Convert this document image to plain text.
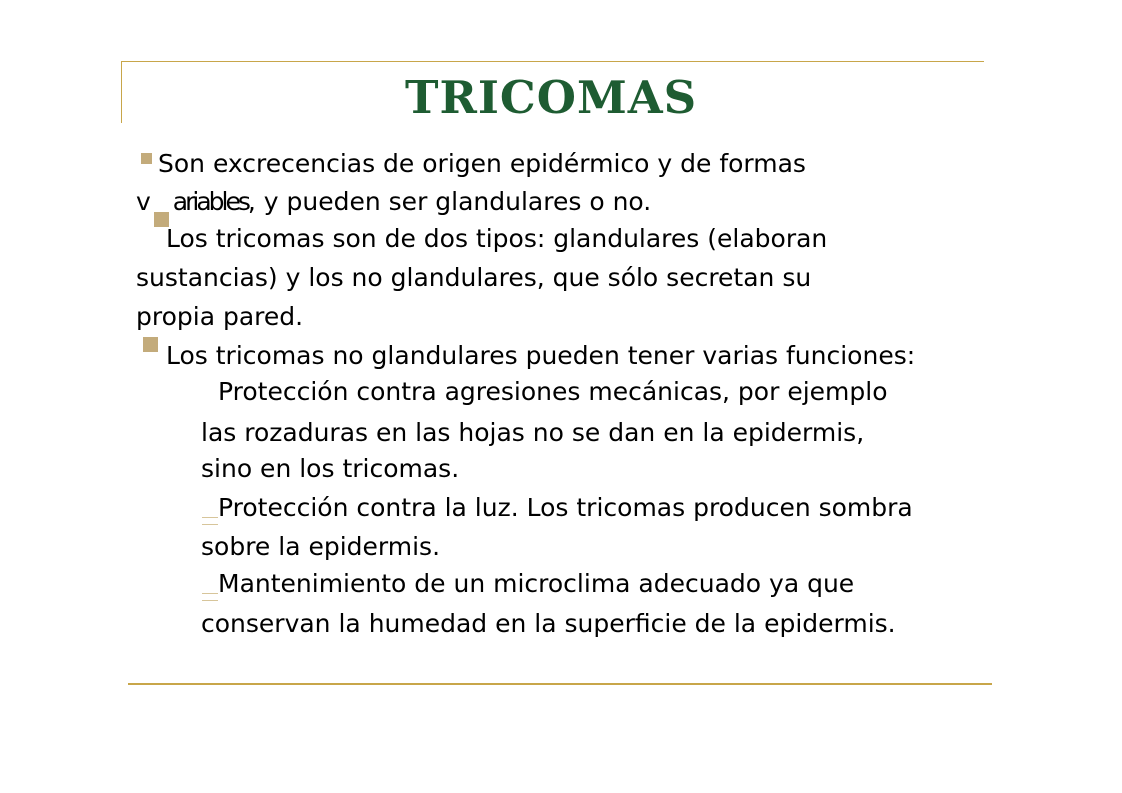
TRICOMAS
Son excrecencias de origen epidérmico y de formas
v ariables, y pueden ser glandulares o no.
Los tricomas son de dos tipos: glandulares (elaboran
sustancias) y los no glandulares, que sólo secretan su
propia pared.
Los tricomas no glandulares pueden tener varias funciones:
Protección contra agresiones mecánicas, por ejemplo
las rozaduras en las hojas no se dan en la epidermis,
sino en los tricomas.
Protección contra la luz. Los tricomas producen sombra
sobre la epidermis.
Mantenimiento de un microclima adecuado ya que
conservan la humedad en la superficie de la epidermis.
